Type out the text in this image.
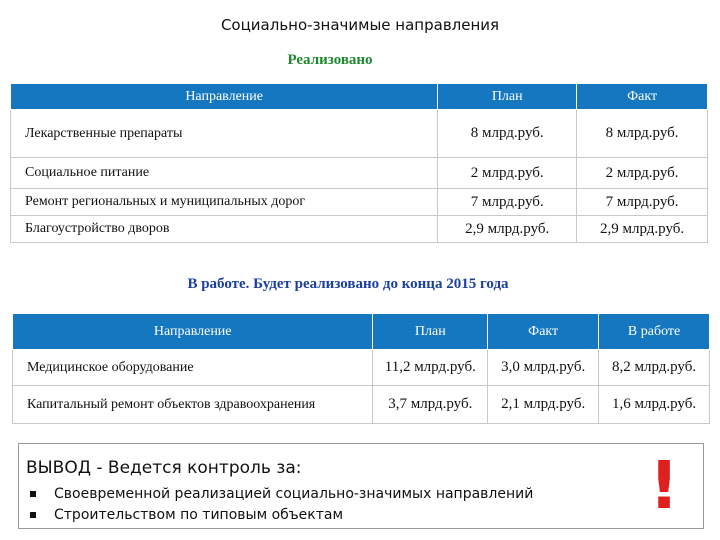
Социально-значимые направления
Реализовано
Направление	План	Факт
Лекарственные препараты	8 млрд.руб.	8 млрд.руб.
Социальное питание	2 млрд.руб.	2 млрд.руб.
Ремонт региональных и муниципальных дорог	7 млрд.руб.	7 млрд.руб.
Благоустройство дворов	2,9 млрд.руб.	2,9 млрд.руб.
В работе. Будет реализовано до конца 2015 года
Направление	План	Факт	В работе
Медицинское оборудование	11,2 млрд.руб.	3,0 млрд.руб.	8,2 млрд.руб.
Капитальный ремонт объектов здравоохранения	3,7 млрд.руб.	2,1 млрд.руб.	1,6 млрд.руб.
ВЫВОД - Ведется контроль за:
Своевременной реализацией социально-значимых направлений
Строительством по типовым объектам	!
